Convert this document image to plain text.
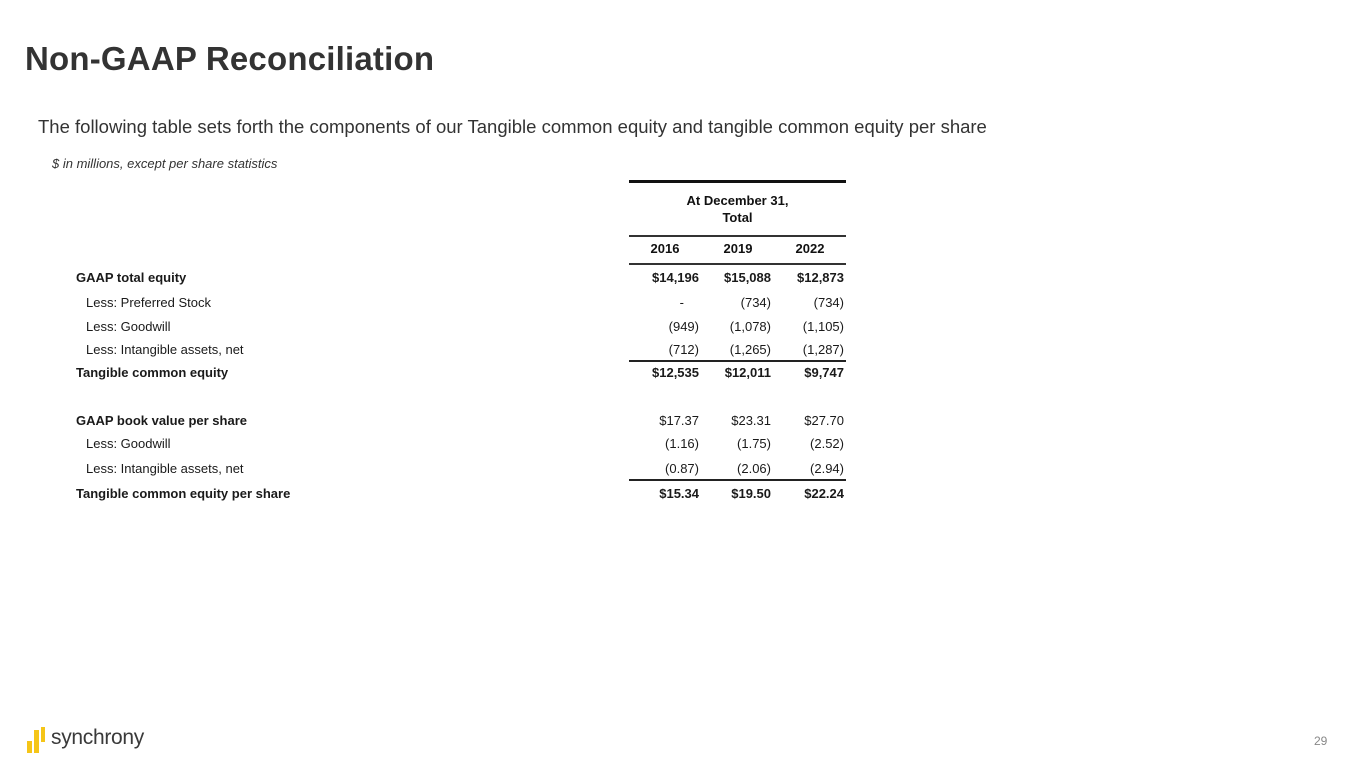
Non-GAAP Reconciliation
The following table sets forth the components of our Tangible common equity and tangible common equity per share
$ in millions, except per share statistics
At December 31,
Total
2016	2019	2022
GAAP total equity	$14,196	$15,088	$12,873
Less: Preferred Stock	-	(734)	(734)
Less: Goodwill	(949)	(1,078)	(1,105)
Less: Intangible assets, net	(712)	(1,265)	(1,287)
Tangible common equity	$12,535	$12,011	$9,747
GAAP book value per share	$17.37	$23.31	$27.70
Less: Goodwill	(1.16)	(1.75)	(2.52)
Less: Intangible assets, net	(0.87)	(2.06)	(2.94)
Tangible common equity per share	$15.34	$19.50	$22.24
synchrony	29
